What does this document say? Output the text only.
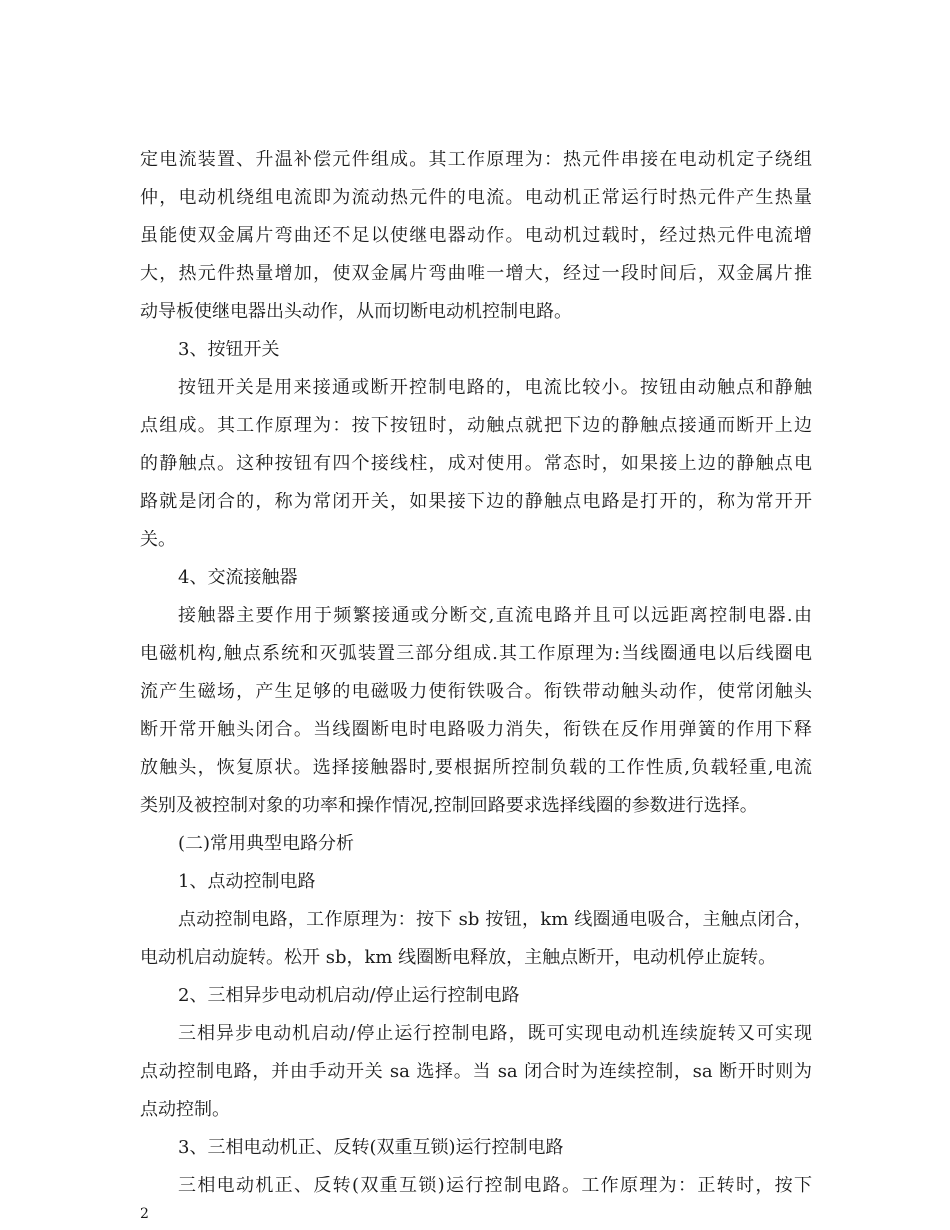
定电流装置、升温补偿元件组成。其工作原理为：热元件串接在电动机定子绕组
仲，电动机绕组电流即为流动热元件的电流。电动机正常运行时热元件产生热量
虽能使双金属片弯曲还不足以使继电器动作。电动机过载时，经过热元件电流增
大，热元件热量增加，使双金属片弯曲唯一增大，经过一段时间后，双金属片推
动导板使继电器出头动作，从而切断电动机控制电路。
3、按钮开关
按钮开关是用来接通或断开控制电路的，电流比较小。按钮由动触点和静触
点组成。其工作原理为：按下按钮时，动触点就把下边的静触点接通而断开上边
的静触点。这种按钮有四个接线柱，成对使用。常态时，如果接上边的静触点电
路就是闭合的，称为常闭开关，如果接下边的静触点电路是打开的，称为常开开
关。
4、交流接触器
接触器主要作用于频繁接通或分断交,直流电路并且可以远距离控制电器.由
电磁机构,触点系统和灭弧装置三部分组成.其工作原理为:当线圈通电以后线圈电
流产生磁场，产生足够的电磁吸力使衔铁吸合。衔铁带动触头动作，使常闭触头
断开常开触头闭合。当线圈断电时电路吸力消失，衔铁在反作用弹簧的作用下释
放触头，恢复原状。选择接触器时,要根据所控制负载的工作性质,负载轻重,电流
类别及被控制对象的功率和操作情况,控制回路要求选择线圈的参数进行选择。
(二)常用典型电路分析
1、点动控制电路
点动控制电路，工作原理为：按下 sb 按钮，km 线圈通电吸合，主触点闭合，
电动机启动旋转。松开 sb，km 线圈断电释放，主触点断开，电动机停止旋转。
2、三相异步电动机启动/停止运行控制电路
三相异步电动机启动/停止运行控制电路，既可实现电动机连续旋转又可实现
点动控制电路，并由手动开关 sa 选择。当 sa 闭合时为连续控制，sa 断开时则为
点动控制。
3、三相电动机正、反转(双重互锁)运行控制电路
三相电动机正、反转(双重互锁)运行控制电路。工作原理为：正转时，按下
2
